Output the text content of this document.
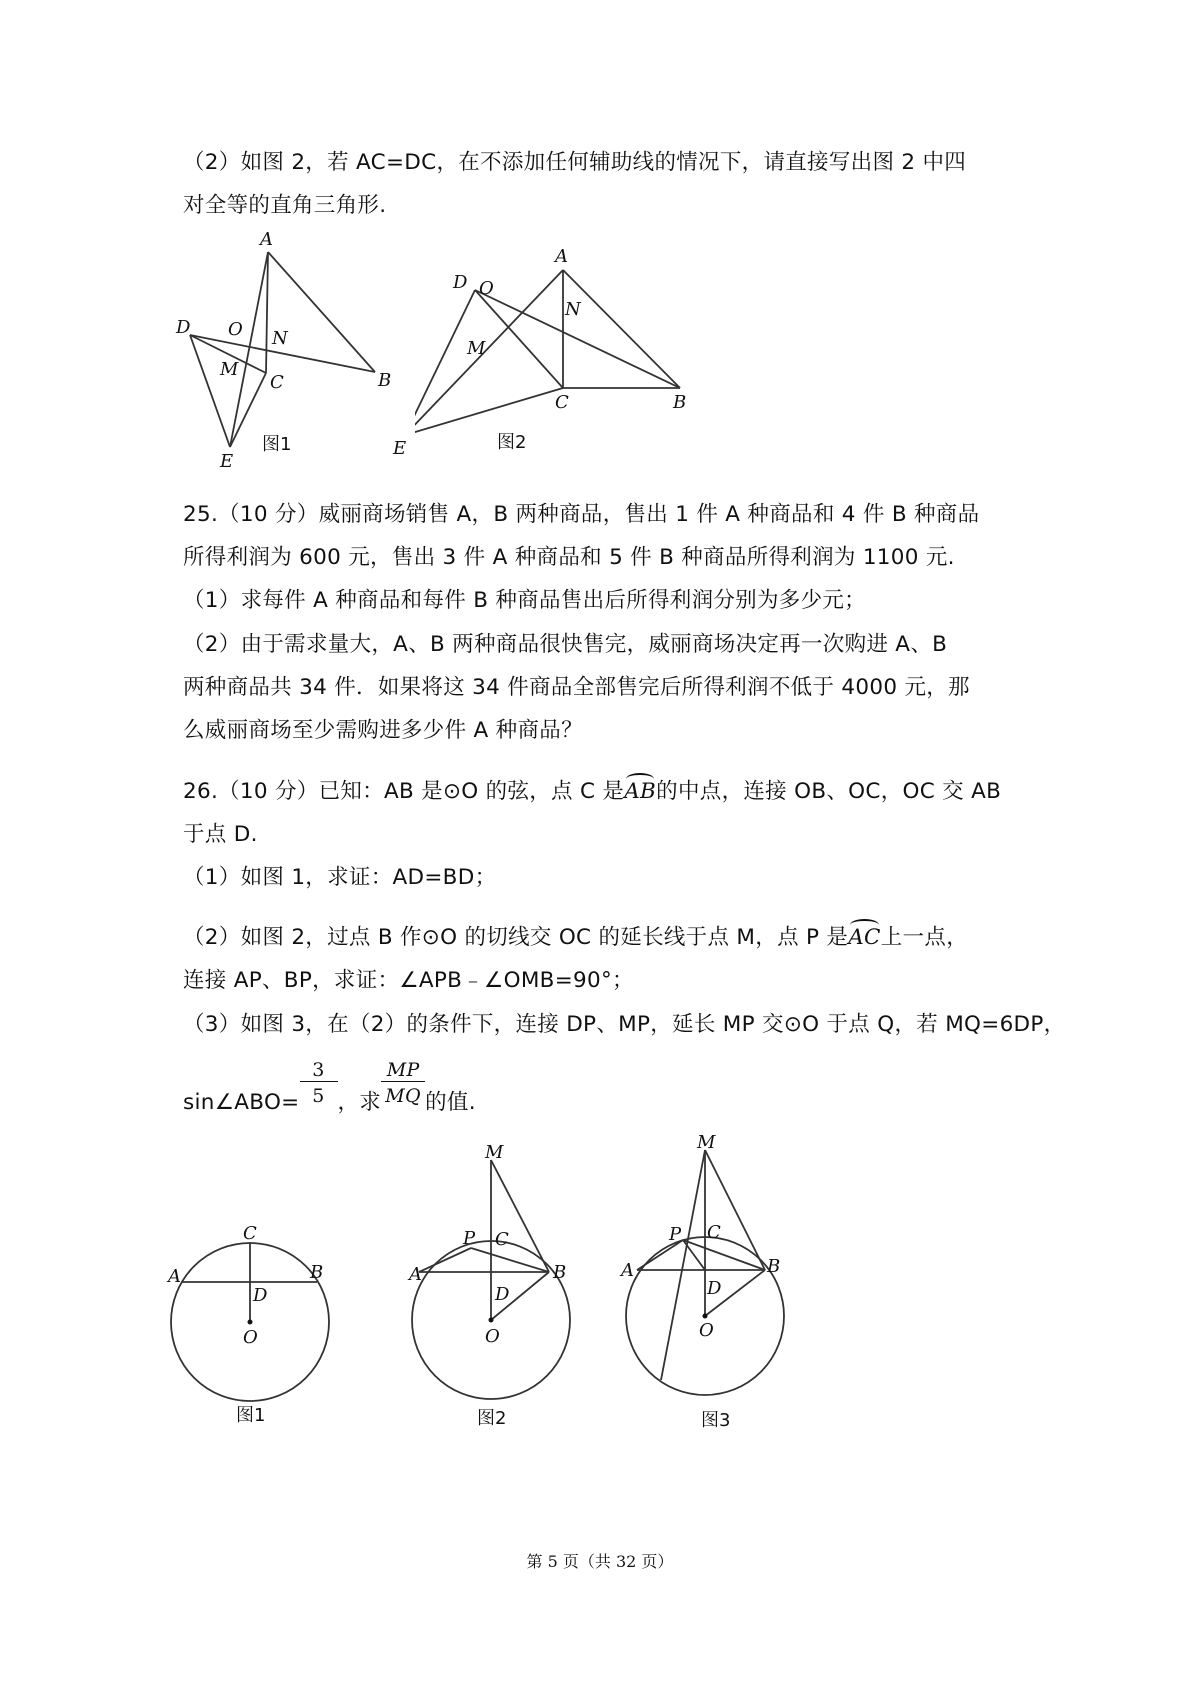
（2）如图 2，若 AC=DC，在不添加任何辅助线的情况下，请直接写出图 2 中四
对全等的直角三角形.
A
D O N
M
C	B
E
图1
A
D O
N
M
C	B
图2
E
25.（10 分）威丽商场销售 A，B 两种商品，售出 1 件 A 种商品和 4 件 B 种商品
所得利润为 600 元，售出 3 件 A 种商品和 5 件 B 种商品所得利润为 1100 元.
（1）求每件 A 种商品和每件 B 种商品售出后所得利润分别为多少元；
（2）由于需求量大，A、B 两种商品很快售完，威丽商场决定再一次购进 A、B
两种商品共 34 件．如果将这 34 件商品全部售完后所得利润不低于 4000 元，那
么威丽商场至少需购进多少件 A 种商品？
26.（10 分）已知：AB 是⊙O 的弦，点 C 是AB的中点，连接 OB、OC，OC 交 AB
于点 D.
（1）如图 1，求证：AD=BD；
（2）如图 2，过点 B 作⊙O 的切线交 OC 的延长线于点 M，点 P 是AC上一点，
连接 AP、BP，求证：∠APB﹣∠OMB=90°；
（3）如图 3，在（2）的条件下，连接 DP、MP，延长 MP 交⊙O 于点 Q，若 MQ=6DP，
sin∠ABO= $\frac{3}{5}$ ，求 $\frac{MP}{MQ}$ 的值.
C
A	B
D
O
图1
M
P C
A	B
D
O
图2
M
P C
A	B
D
O
图3
第 5 页（共 32 页）
